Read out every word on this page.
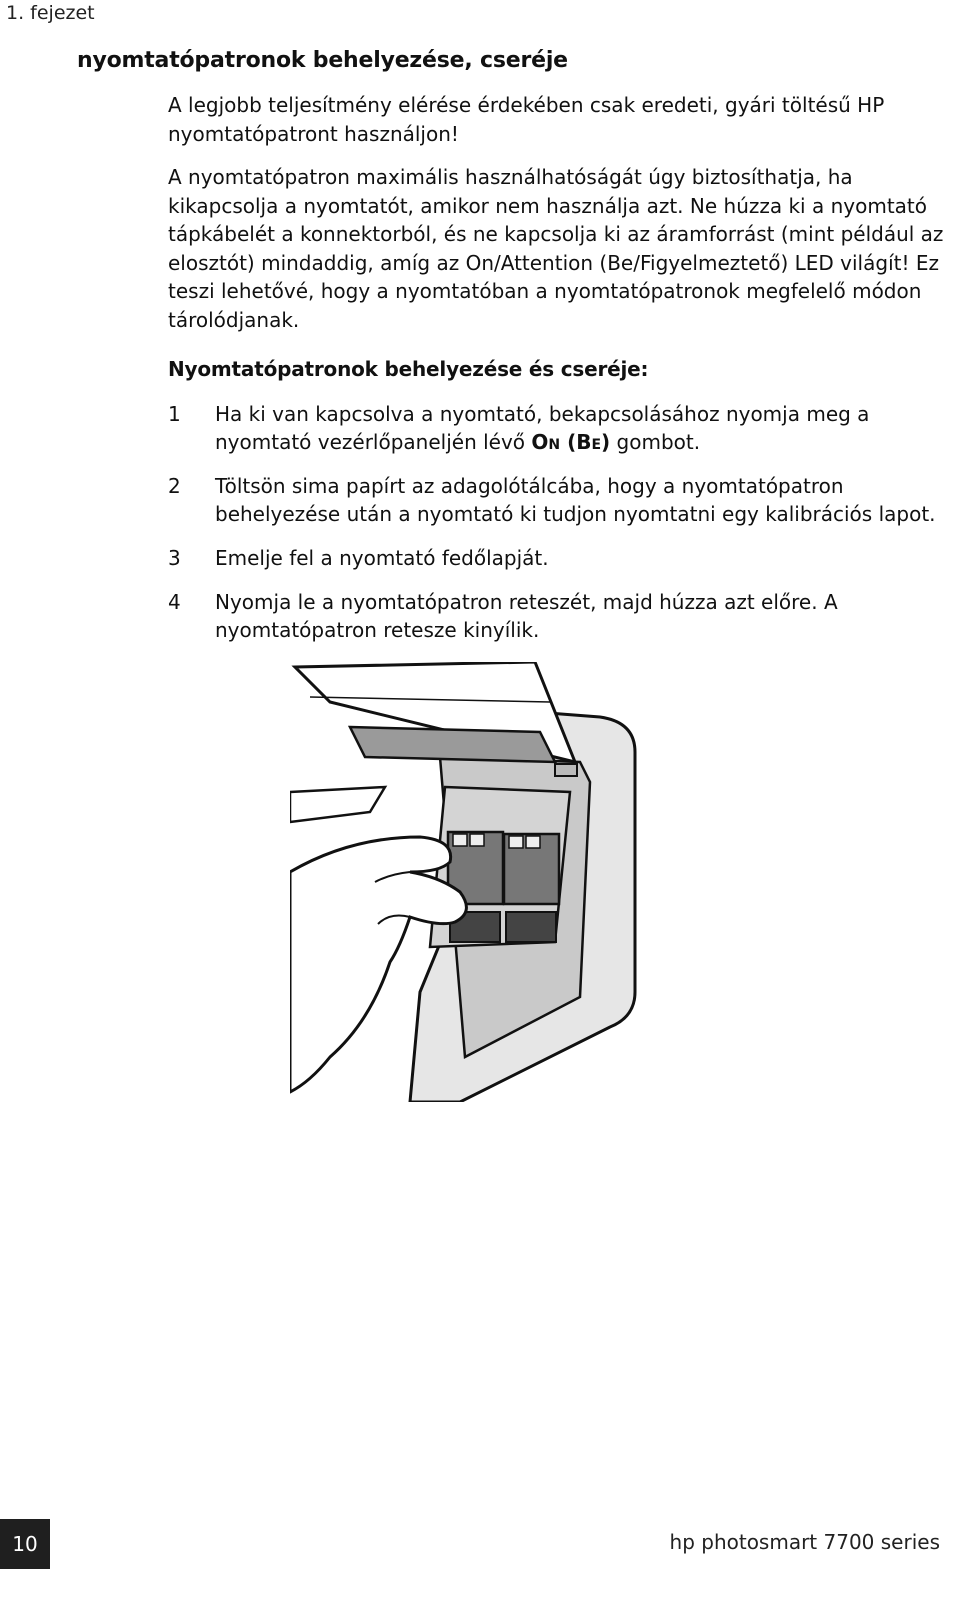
1. fejezet
nyomtatópatronok behelyezése, cseréje

A legjobb teljesítmény elérése érdekében csak eredeti, gyári töltésű HP nyomtatópatront használjon!

A nyomtatópatron maximális használhatóságát úgy biztosíthatja, ha kikapcsolja a nyomtatót, amikor nem használja azt. Ne húzza ki a nyomtató tápkábelét a konnektorból, és ne kapcsolja ki az áramforrást (mint például az elosztót) mindaddig, amíg az On/Attention (Be/Figyelmeztető) LED világít! Ez teszi lehetővé, hogy a nyomtatóban a nyomtatópatronok megfelelő módon tárolódjanak.

Nyomtatópatronok behelyezése és cseréje:
1 Ha ki van kapcsolva a nyomtató, bekapcsolásához nyomja meg a nyomtató vezérlőpaneljén lévő On (Be) gombot.
2 Töltsön sima papírt az adagolótálcába, hogy a nyomtatópatron behelyezése után a nyomtató ki tudjon nyomtatni egy kalibrációs lapot.
3 Emelje fel a nyomtató fedőlapját.
4 Nyomja le a nyomtatópatron reteszét, majd húzza azt előre. A nyomtatópatron retesze kinyílik.
10	hp photosmart 7700 series
